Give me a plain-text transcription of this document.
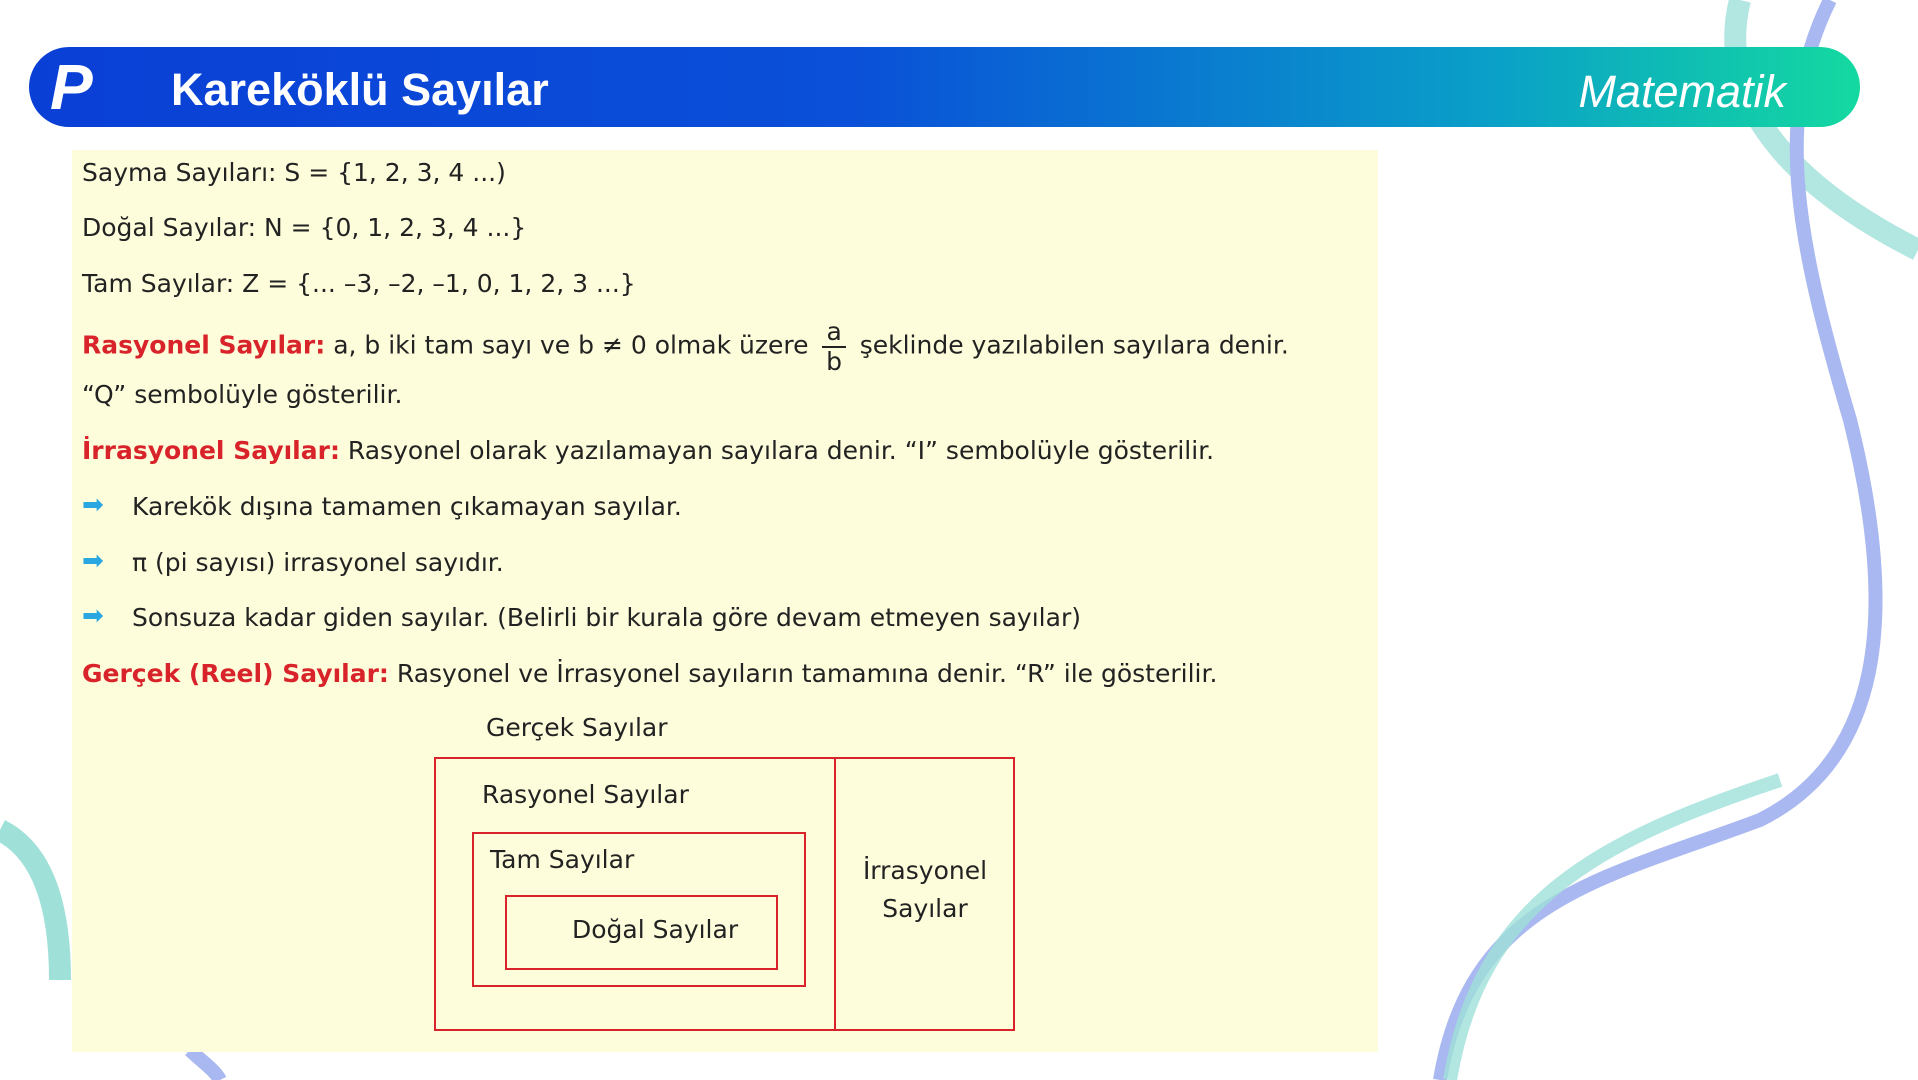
P Kareköklü Sayılar	Matematik
Sayma Sayıları: S = {1, 2, 3, 4 ...)
Doğal Sayılar: N = {0, 1, 2, 3, 4 ...}
Tam Sayılar: Z = {... –3, –2, –1, 0, 1, 2, 3 ...}
Rasyonel Sayılar: a, b iki tam sayı ve b ≠ 0 olmak üzere $\frac{a}{b}$ şeklinde yazılabilen sayılara denir.
“Q” sembolüyle gösterilir.
İrrasyonel Sayılar: Rasyonel olarak yazılamayan sayılara denir. “I” sembolüyle gösterilir.
➡ Karekök dışına tamamen çıkamayan sayılar.
➡ π (pi sayısı) irrasyonel sayıdır.
➡ Sonsuza kadar giden sayılar. (Belirli bir kurala göre devam etmeyen sayılar)
Gerçek (Reel) Sayılar: Rasyonel ve İrrasyonel sayıların tamamına denir. “R” ile gösterilir.
Gerçek Sayılar
Rasyonel Sayılar
Tam Sayılar
Doğal Sayılar
İrrasyonel
Sayılar
